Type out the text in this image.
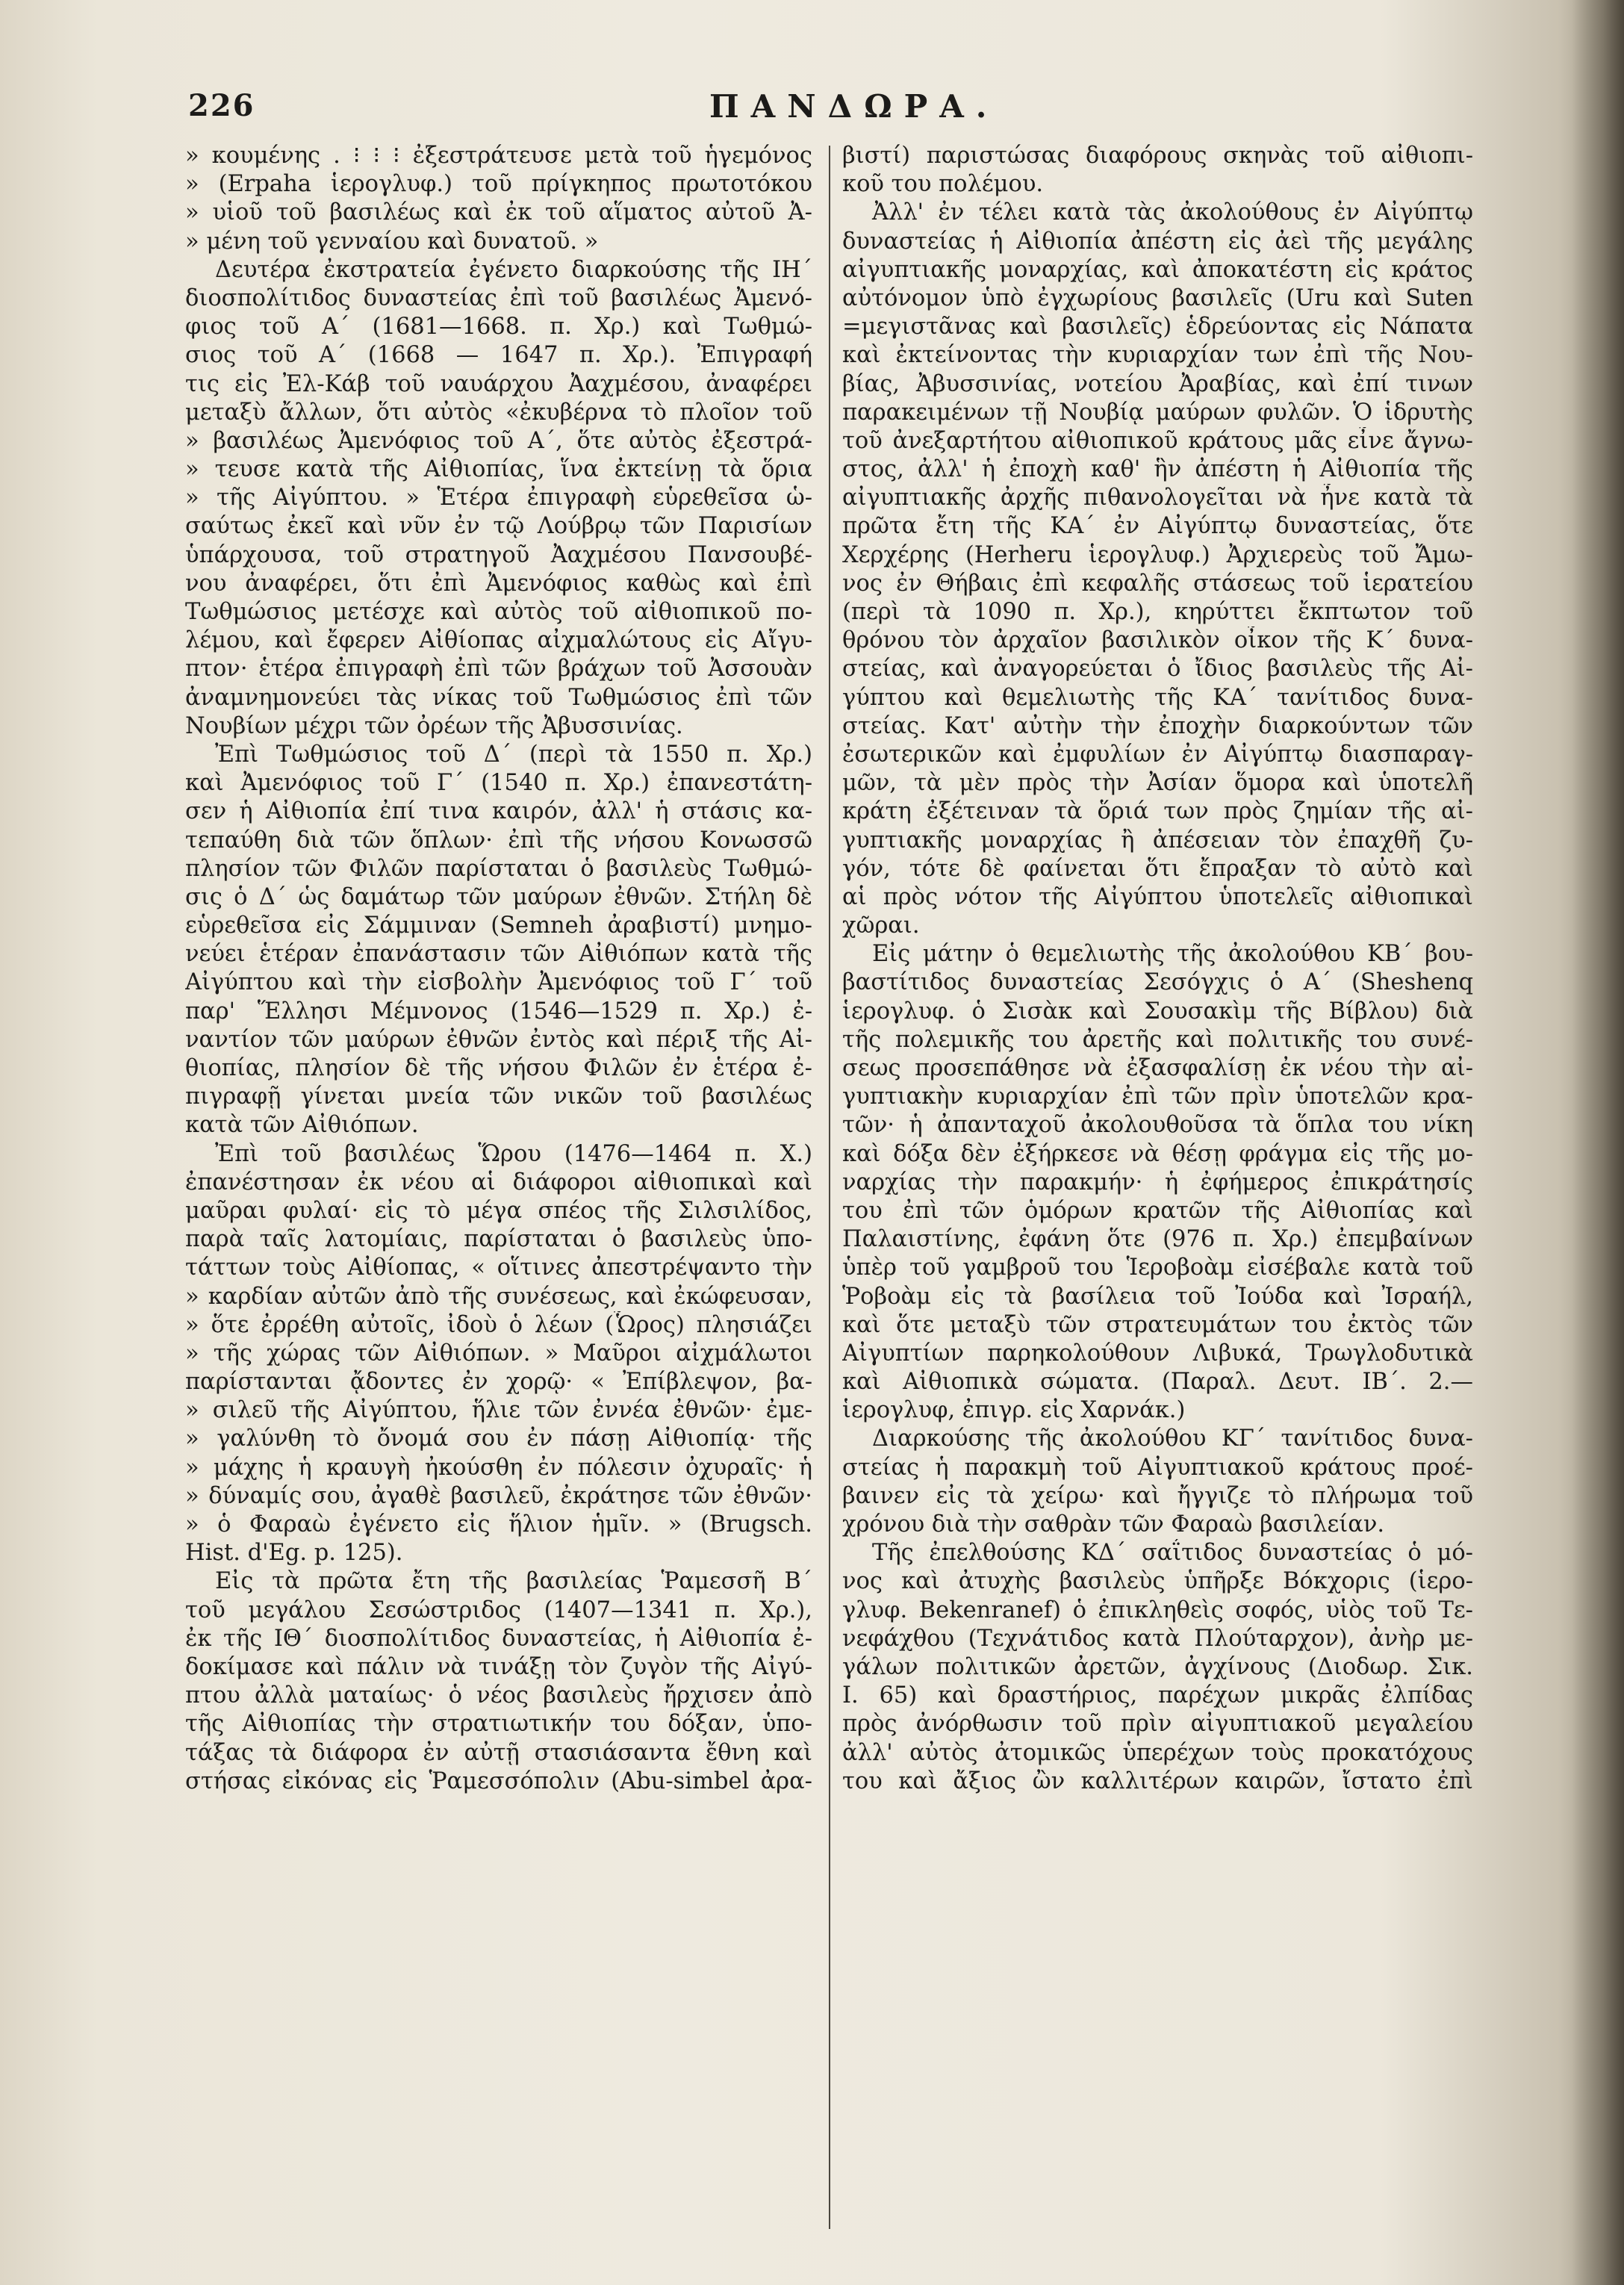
226	ΠΑΝΔΩΡΑ.
» κουμένης . ⁝ ⁝ ⁝ ἐξεστράτευσε μετὰ τοῦ ἡγεμόνος
» (Erpaha ἱερογλυφ.) τοῦ πρίγκηπος πρωτοτόκου
» υἱοῦ τοῦ βασιλέως καὶ ἐκ τοῦ αἵματος αὐτοῦ Ἀ-
» μένη τοῦ γενναίου καὶ δυνατοῦ. »
Δευτέρα ἐκστρατεία ἐγένετο διαρκούσης τῆς ΙΗ΄
διοσπολίτιδος δυναστείας ἐπὶ τοῦ βασιλέως Ἀμενό-
φιος τοῦ Α΄ (1681—1668. π. Χρ.) καὶ Τωθμώ-
σιος τοῦ Α΄ (1668 — 1647 π. Χρ.). Ἐπιγραφή
τις εἰς Ἐλ-Κάβ τοῦ ναυάρχου Ἀαχμέσου, ἀναφέρει
μεταξὺ ἄλλων, ὅτι αὐτὸς «ἐκυβέρνα τὸ πλοῖον τοῦ
» βασιλέως Ἀμενόφιος τοῦ Α΄, ὅτε αὐτὸς ἐξεστρά-
» τευσε κατὰ τῆς Αἰθιοπίας, ἵνα ἐκτείνῃ τὰ ὅρια
» τῆς Αἰγύπτου. » Ἑτέρα ἐπιγραφὴ εὑρεθεῖσα ὡ-
σαύτως ἐκεῖ καὶ νῦν ἐν τῷ Λούβρῳ τῶν Παρισίων
ὑπάρχουσα, τοῦ στρατηγοῦ Ἀαχμέσου Πανσουβέ-
νου ἀναφέρει, ὅτι ἐπὶ Ἀμενόφιος καθὼς καὶ ἐπὶ
Τωθμώσιος μετέσχε καὶ αὐτὸς τοῦ αἰθιοπικοῦ πο-
λέμου, καὶ ἔφερεν Αἰθίοπας αἰχμαλώτους εἰς Αἴγυ-
πτον· ἑτέρα ἐπιγραφὴ ἐπὶ τῶν βράχων τοῦ Ἀσσουὰν
ἀναμνημονεύει τὰς νίκας τοῦ Τωθμώσιος ἐπὶ τῶν
Νουβίων μέχρι τῶν ὀρέων τῆς Ἀβυσσινίας.
Ἐπὶ Τωθμώσιος τοῦ Δ΄ (περὶ τὰ 1550 π. Χρ.)
καὶ Ἀμενόφιος τοῦ Γ΄ (1540 π. Χρ.) ἐπανεστάτη-
σεν ἡ Αἰθιοπία ἐπί τινα καιρόν, ἀλλ' ἡ στάσις κα-
τεπαύθη διὰ τῶν ὅπλων· ἐπὶ τῆς νήσου Κονωσσῶ
πλησίον τῶν Φιλῶν παρίσταται ὁ βασιλεὺς Τωθμώ-
σις ὁ Δ΄ ὡς δαμάτωρ τῶν μαύρων ἐθνῶν. Στήλη δὲ
εὑρεθεῖσα εἰς Σάμμιναν (Semneh ἀραβιστί) μνημο-
νεύει ἑτέραν ἐπανάστασιν τῶν Αἰθιόπων κατὰ τῆς
Αἰγύπτου καὶ τὴν εἰσβολὴν Ἀμενόφιος τοῦ Γ΄ τοῦ
παρ' Ἕλλησι Μέμνονος (1546—1529 π. Χρ.) ἐ-
ναντίον τῶν μαύρων ἐθνῶν ἐντὸς καὶ πέριξ τῆς Αἰ-
θιοπίας, πλησίον δὲ τῆς νήσου Φιλῶν ἐν ἑτέρα ἐ-
πιγραφῇ γίνεται μνεία τῶν νικῶν τοῦ βασιλέως
κατὰ τῶν Αἰθιόπων.
Ἐπὶ τοῦ βασιλέως Ὥρου (1476—1464 π. Χ.)
ἐπανέστησαν ἐκ νέου αἱ διάφοροι αἰθιοπικαὶ καὶ
μαῦραι φυλαί· εἰς τὸ μέγα σπέος τῆς Σιλσιλίδος,
παρὰ ταῖς λατομίαις, παρίσταται ὁ βασιλεὺς ὑπο-
τάττων τοὺς Αἰθίοπας, « οἵτινες ἀπεστρέψαντο τὴν
» καρδίαν αὐτῶν ἀπὸ τῆς συνέσεως, καὶ ἐκώφευσαν,
» ὅτε ἐρρέθη αὐτοῖς, ἰδοὺ ὁ λέων (Ὧρος) πλησιάζει
» τῆς χώρας τῶν Αἰθιόπων. » Μαῦροι αἰχμάλωτοι
παρίστανται ᾄδοντες ἐν χορῷ· « Ἐπίβλεψον, βα-
» σιλεῦ τῆς Αἰγύπτου, ἥλιε τῶν ἐννέα ἐθνῶν· ἐμε-
» γαλύνθη τὸ ὄνομά σου ἐν πάσῃ Αἰθιοπίᾳ· τῆς
» μάχης ἡ κραυγὴ ἠκούσθη ἐν πόλεσιν ὀχυραῖς· ἡ
» δύναμίς σου, ἀγαθὲ βασιλεῦ, ἐκράτησε τῶν ἐθνῶν·
» ὁ Φαραὼ ἐγένετο εἰς ἥλιον ἡμῖν. » (Brugsch.
Hist. d'Eg. p. 125).
Εἰς τὰ πρῶτα ἔτη τῆς βασιλείας Ῥαμεσσῆ Β΄
τοῦ μεγάλου Σεσώστριδος (1407—1341 π. Χρ.),
ἐκ τῆς ΙΘ΄ διοσπολίτιδος δυναστείας, ἡ Αἰθιοπία ἐ-
δοκίμασε καὶ πάλιν νὰ τινάξῃ τὸν ζυγὸν τῆς Αἰγύ-
πτου ἀλλὰ ματαίως· ὁ νέος βασιλεὺς ἤρχισεν ἀπὸ
τῆς Αἰθιοπίας τὴν στρατιωτικήν του δόξαν, ὑπο-
τάξας τὰ διάφορα ἐν αὐτῇ στασιάσαντα ἔθνη καὶ
στήσας εἰκόνας εἰς Ῥαμεσσόπολιν (Abu-simbel ἀρα-
βιστί) παριστώσας διαφόρους σκηνὰς τοῦ αἰθιοπι-
κοῦ του πολέμου.
Ἀλλ' ἐν τέλει κατὰ τὰς ἀκολούθους ἐν Αἰγύπτῳ
δυναστείας ἡ Αἰθιοπία ἀπέστη εἰς ἀεὶ τῆς μεγάλης
αἰγυπτιακῆς μοναρχίας, καὶ ἀποκατέστη εἰς κράτος
αὐτόνομον ὑπὸ ἐγχωρίους βασιλεῖς (Uru καὶ Suten
=μεγιστᾶνας καὶ βασιλεῖς) ἑδρεύοντας εἰς Νάπατα
καὶ ἐκτείνοντας τὴν κυριαρχίαν των ἐπὶ τῆς Νου-
βίας, Ἀβυσσινίας, νοτείου Ἀραβίας, καὶ ἐπί τινων
παρακειμένων τῇ Νουβίᾳ μαύρων φυλῶν. Ὁ ἱδρυτὴς
τοῦ ἀνεξαρτήτου αἰθιοπικοῦ κράτους μᾶς εἶνε ἄγνω-
στος, ἀλλ' ἡ ἐποχὴ καθ' ἣν ἀπέστη ἡ Αἰθιοπία τῆς
αἰγυπτιακῆς ἀρχῆς πιθανολογεῖται νὰ ἦνε κατὰ τὰ
πρῶτα ἔτη τῆς ΚΑ΄ ἐν Αἰγύπτῳ δυναστείας, ὅτε
Χερχέρης (Herheru ἱερογλυφ.) Ἀρχιερεὺς τοῦ Ἄμω-
νος ἐν Θήβαις ἐπὶ κεφαλῆς στάσεως τοῦ ἱερατείου
(περὶ τὰ 1090 π. Χρ.), κηρύττει ἔκπτωτον τοῦ
θρόνου τὸν ἀρχαῖον βασιλικὸν οἶκον τῆς Κ΄ δυνα-
στείας, καὶ ἀναγορεύεται ὁ ἴδιος βασιλεὺς τῆς Αἰ-
γύπτου καὶ θεμελιωτὴς τῆς ΚΑ΄ τανίτιδος δυνα-
στείας. Κατ' αὐτὴν τὴν ἐποχὴν διαρκούντων τῶν
ἐσωτερικῶν καὶ ἐμφυλίων ἐν Αἰγύπτῳ διασπαραγ-
μῶν, τὰ μὲν πρὸς τὴν Ἀσίαν ὅμορα καὶ ὑποτελῆ
κράτη ἐξέτειναν τὰ ὅριά των πρὸς ζημίαν τῆς αἰ-
γυπτιακῆς μοναρχίας ἢ ἀπέσειαν τὸν ἐπαχθῆ ζυ-
γόν, τότε δὲ φαίνεται ὅτι ἔπραξαν τὸ αὐτὸ καὶ
αἱ πρὸς νότον τῆς Αἰγύπτου ὑποτελεῖς αἰθιοπικαὶ
χῶραι.
Εἰς μάτην ὁ θεμελιωτὴς τῆς ἀκολούθου ΚΒ΄ βου-
βαστίτιδος δυναστείας Σεσόγχις ὁ Α΄ (Sheshenq
ἱερογλυφ. ὁ Σισὰκ καὶ Σουσακὶμ τῆς Βίβλου) διὰ
τῆς πολεμικῆς του ἀρετῆς καὶ πολιτικῆς του συνέ-
σεως προσεπάθησε νὰ ἐξασφαλίσῃ ἐκ νέου τὴν αἰ-
γυπτιακὴν κυριαρχίαν ἐπὶ τῶν πρὶν ὑποτελῶν κρα-
τῶν· ἡ ἀπανταχοῦ ἀκολουθοῦσα τὰ ὅπλα του νίκη
καὶ δόξα δὲν ἐξήρκεσε νὰ θέσῃ φράγμα εἰς τῆς μο-
ναρχίας τὴν παρακμήν· ἡ ἐφήμερος ἐπικράτησίς
του ἐπὶ τῶν ὁμόρων κρατῶν τῆς Αἰθιοπίας καὶ
Παλαιστίνης, ἐφάνη ὅτε (976 π. Χρ.) ἐπεμβαίνων
ὑπὲρ τοῦ γαμβροῦ του Ἱεροβοὰμ εἰσέβαλε κατὰ τοῦ
Ῥοβοὰμ εἰς τὰ βασίλεια τοῦ Ἰούδα καὶ Ἰσραήλ,
καὶ ὅτε μεταξὺ τῶν στρατευμάτων του ἐκτὸς τῶν
Αἰγυπτίων παρηκολούθουν Λιβυκά, Τρωγλοδυτικὰ
καὶ Αἰθιοπικὰ σώματα. (Παραλ. Δευτ. ΙΒ΄. 2.—
ἱερογλυφ, ἐπιγρ. εἰς Χαρνάκ.)
Διαρκούσης τῆς ἀκολούθου ΚΓ΄ τανίτιδος δυνα-
στείας ἡ παρακμὴ τοῦ Αἰγυπτιακοῦ κράτους προέ-
βαινεν εἰς τὰ χείρω· καὶ ἤγγιζε τὸ πλήρωμα τοῦ
χρόνου διὰ τὴν σαθρὰν τῶν Φαραὼ βασιλείαν.
Τῆς ἐπελθούσης ΚΔ΄ σαΐτιδος δυναστείας ὁ μό-
νος καὶ ἀτυχὴς βασιλεὺς ὑπῆρξε Βόκχορις (ἱερο-
γλυφ. Bekenranef) ὁ ἐπικληθεὶς σοφός, υἱὸς τοῦ Τε-
νεφάχθου (Τεχνάτιδος κατὰ Πλούταρχον), ἀνὴρ με-
γάλων πολιτικῶν ἀρετῶν, ἀγχίνους (Διοδωρ. Σικ.
I. 65) καὶ δραστήριος, παρέχων μικρᾶς ἐλπίδας
πρὸς ἀνόρθωσιν τοῦ πρὶν αἰγυπτιακοῦ μεγαλείου
ἀλλ' αὐτὸς ἀτομικῶς ὑπερέχων τοὺς προκατόχους
του καὶ ἄξιος ὢν καλλιτέρων καιρῶν, ἴστατο ἐπὶ
